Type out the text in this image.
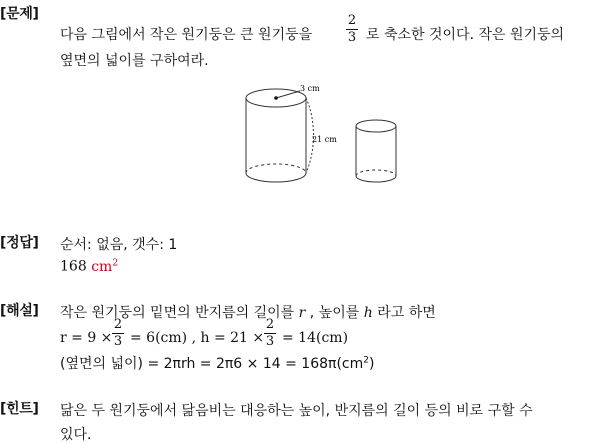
[문제]
다음 그림에서 작은 원기둥은 큰 원기둥을
2
3 로 축소한 것이다. 작은 원기둥의
옆면의 넓이를 구하여라.
3 cm
21 cm
[정답] 순서: 없음, 갯수: 1
168 $cm^2$
[해설] 작은 원기둥의 밑면의 반지름의 길이를 r , 높이를 h 라고 하면
r = 9 ×
2
3 = 6(cm) , h = 21 ×
2
3 = 14(cm)
(옆면의 넓이) = $2\pi rh = 2\pi 6 \times 14 = 168\pi(cm^2)$
[힌트] 닮은 두 원기둥에서 닮음비는 대응하는 높이, 반지름의 길이 등의 비로 구할 수
있다.
